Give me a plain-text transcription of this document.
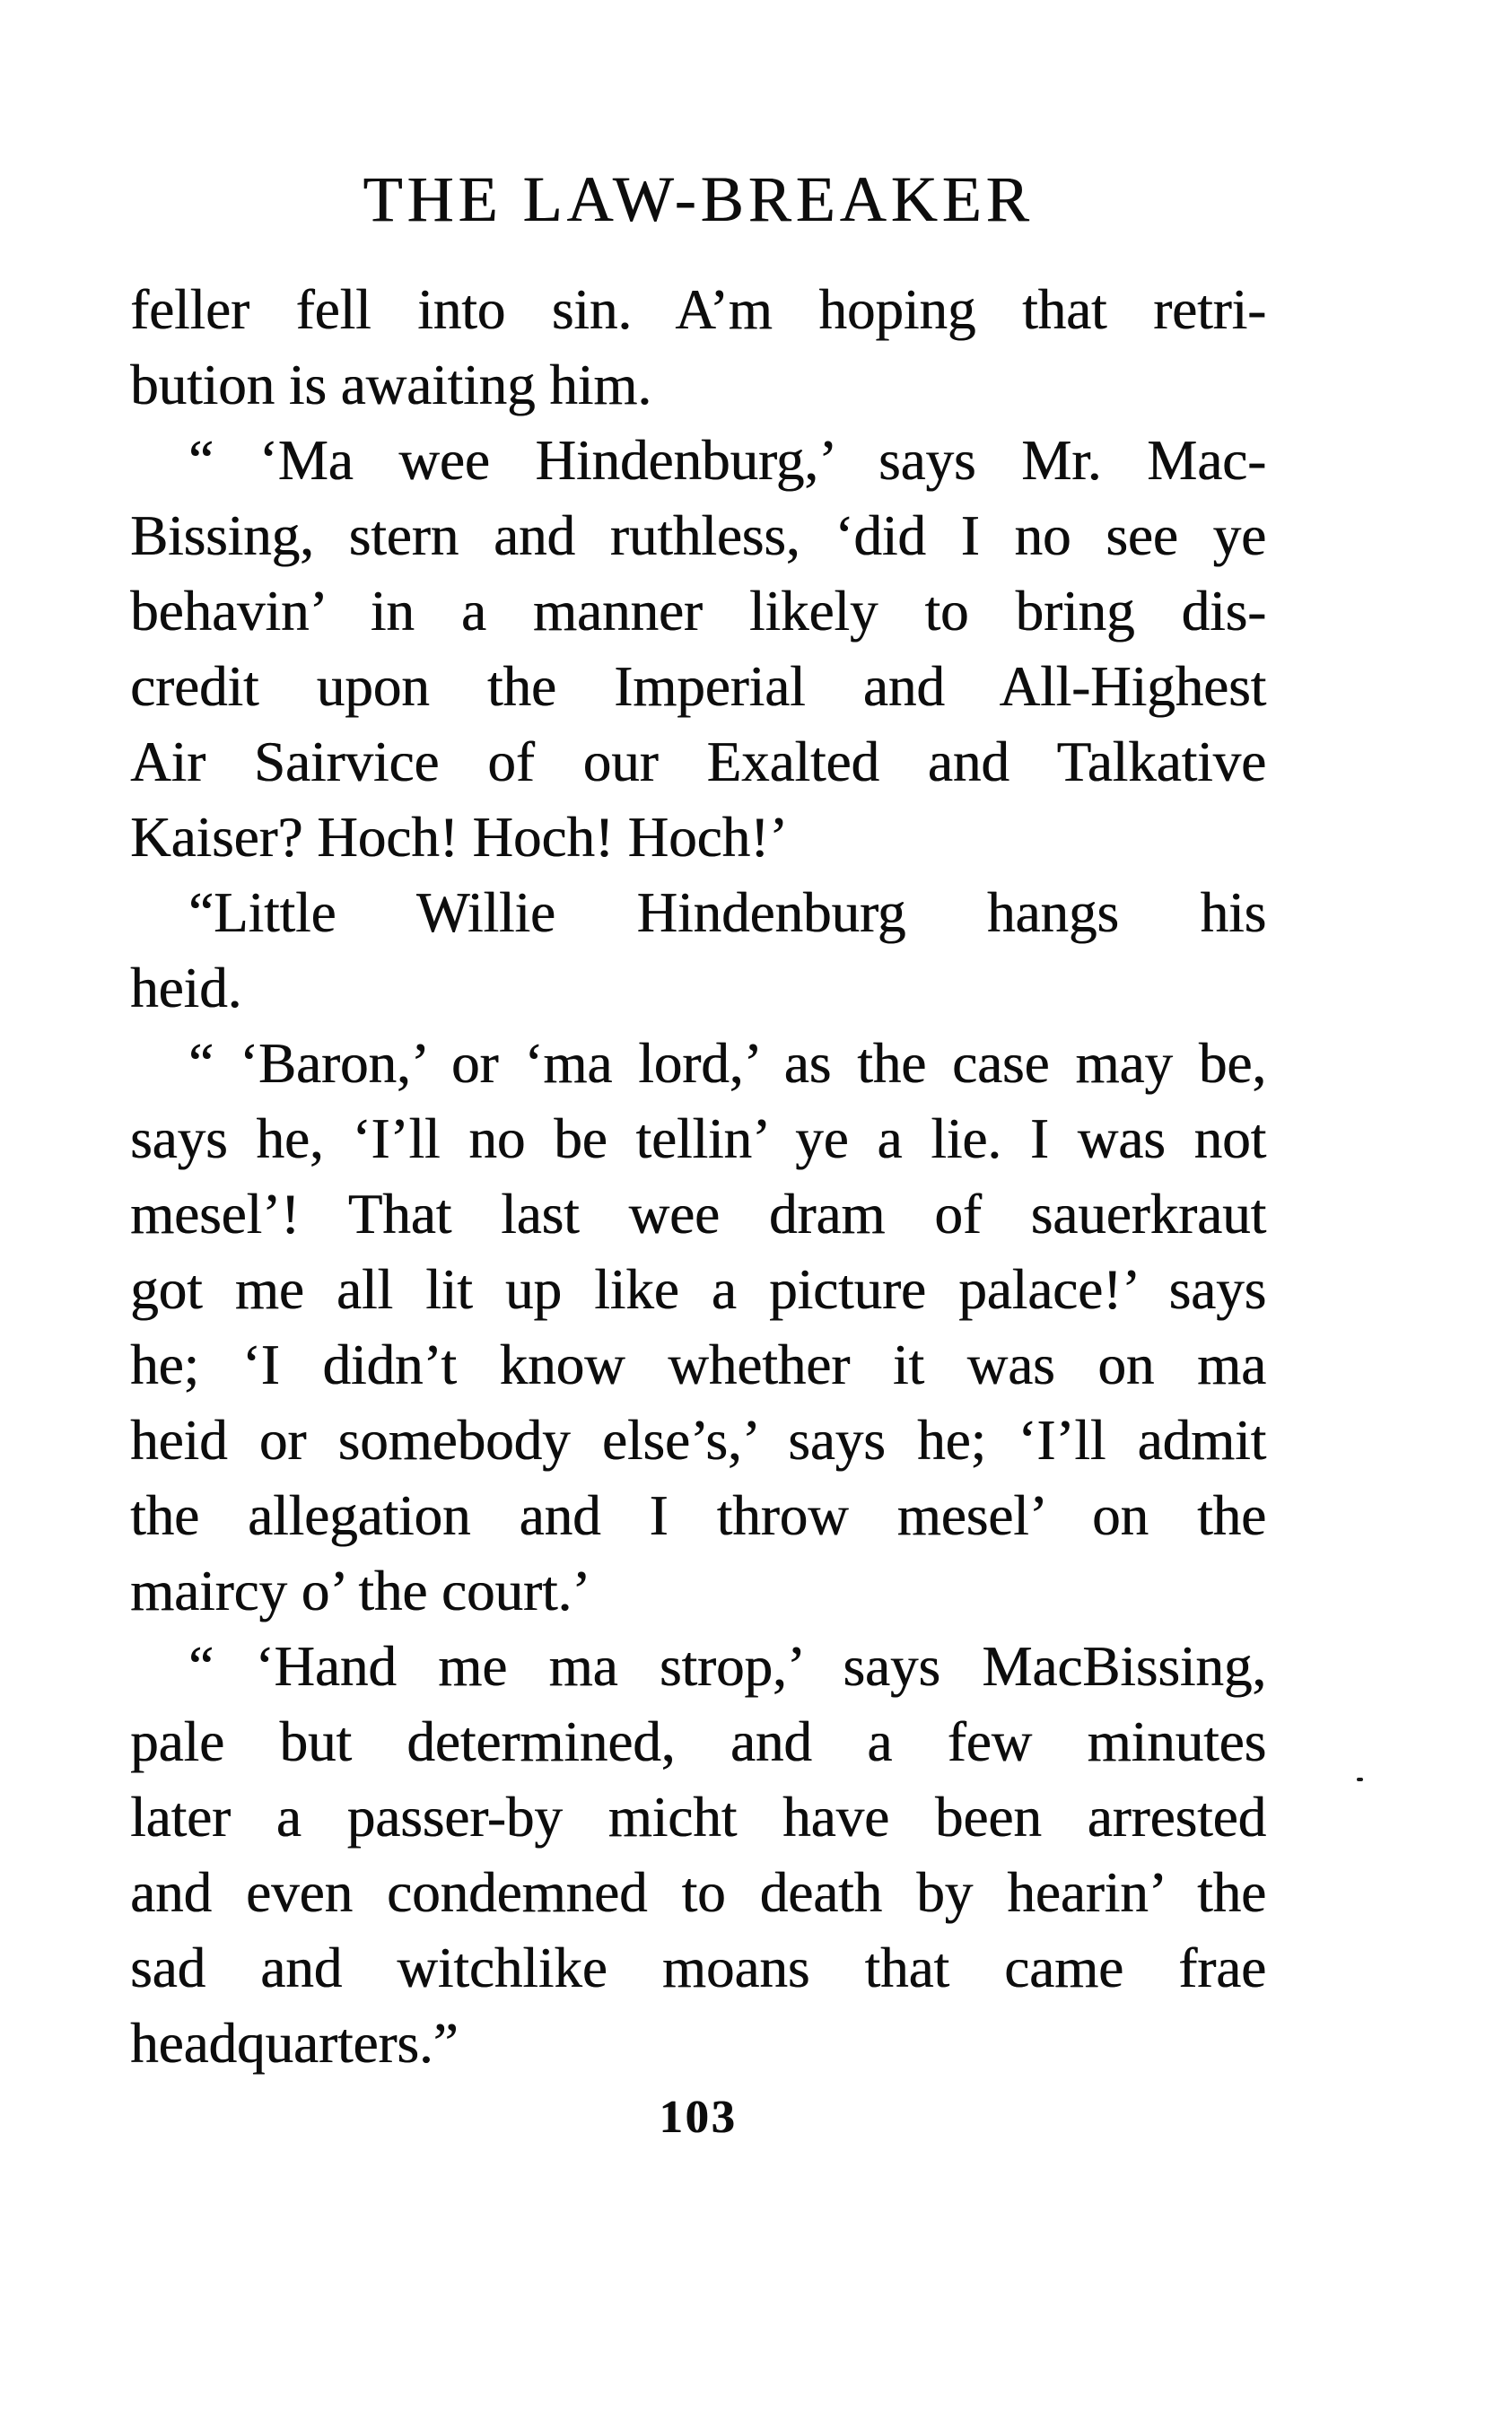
THE LAW-BREAKER
feller fell into sin. A’m hoping that retri-
bution is awaiting him.
“ ‘Ma wee Hindenburg,’ says Mr. Mac-
Bissing, stern and ruthless, ‘did I no see ye
behavin’ in a manner likely to bring dis-
credit upon the Imperial and All-Highest
Air Sairvice of our Exalted and Talkative
Kaiser? Hoch! Hoch! Hoch!’
“Little Willie Hindenburg hangs his
heid.
“ ‘Baron,’ or ‘ma lord,’ as the case may be,
says he, ‘I’ll no be tellin’ ye a lie. I was not
mesel’! That last wee dram of sauerkraut
got me all lit up like a picture palace!’ says
he; ‘I didn’t know whether it was on ma
heid or somebody else’s,’ says he; ‘I’ll admit
the allegation and I throw mesel’ on the
maircy o’ the court.’
“ ‘Hand me ma strop,’ says MacBissing,
pale but determined, and a few minutes
later a passer-by micht have been arrested
and even condemned to death by hearin’ the
sad and witchlike moans that came frae
headquarters.”
103
